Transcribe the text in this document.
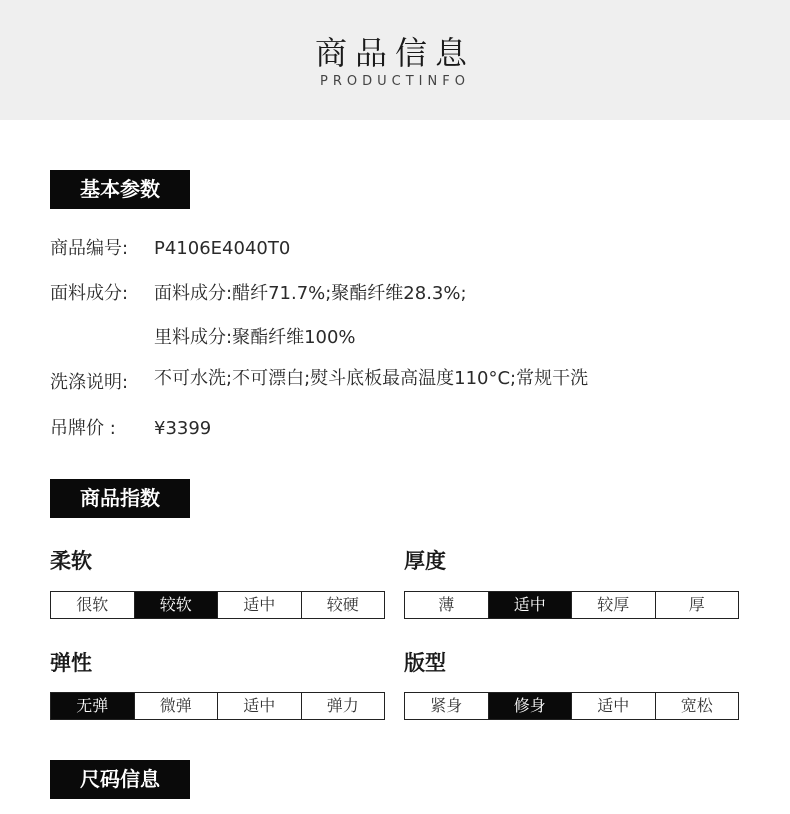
商品信息
PRODUCTINFO
基本参数
商品编号: P4106E4040T0
面料成分: 面料成分:醋纤71.7%;聚酯纤维28.3%;
里料成分:聚酯纤维100%
洗涤说明: 不可水洗;不可漂白;熨斗底板最高温度110°C;常规干洗
吊牌价 : ¥3399
商品指数
柔软
很软	较软	适中	较硬
厚度
薄	适中	较厚	厚
弹性
无弹	微弹	适中	弹力
版型
紧身	修身	适中	宽松
尺码信息
